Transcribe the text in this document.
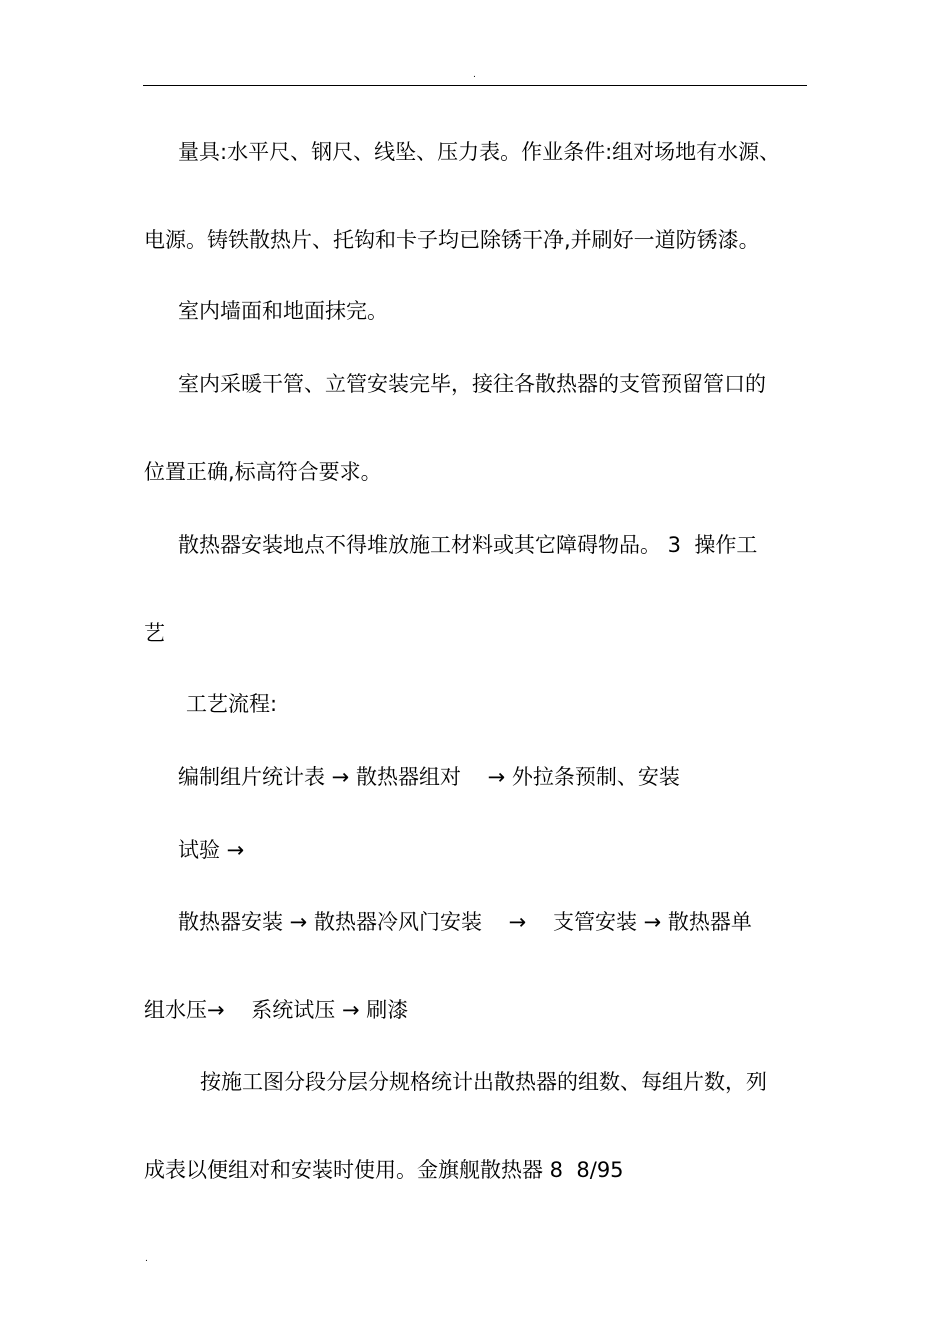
.

量具:水平尺、钢尺、线坠、压力表。作业条件:组对场地有水源、

电源。铸铁散热片、托钩和卡子均已除锈干净,并刷好一道防锈漆。

室内墙面和地面抹完。

室内采暖干管、立管安装完毕，接往各散热器的支管预留管口的

位置正确,标高符合要求。

散热器安装地点不得堆放施工材料或其它障碍物品。 3  操作工

艺

工艺流程:

编制组片统计表 → 散热器组对    → 外拉条预制、安装

试验 →

散热器安装 → 散热器冷风门安装    →    支管安装 → 散热器单

组水压→    系统试压 → 刷漆

按施工图分段分层分规格统计出散热器的组数、每组片数，列

成表以便组对和安装时使用。金旗舰散热器 8  8/95

.
